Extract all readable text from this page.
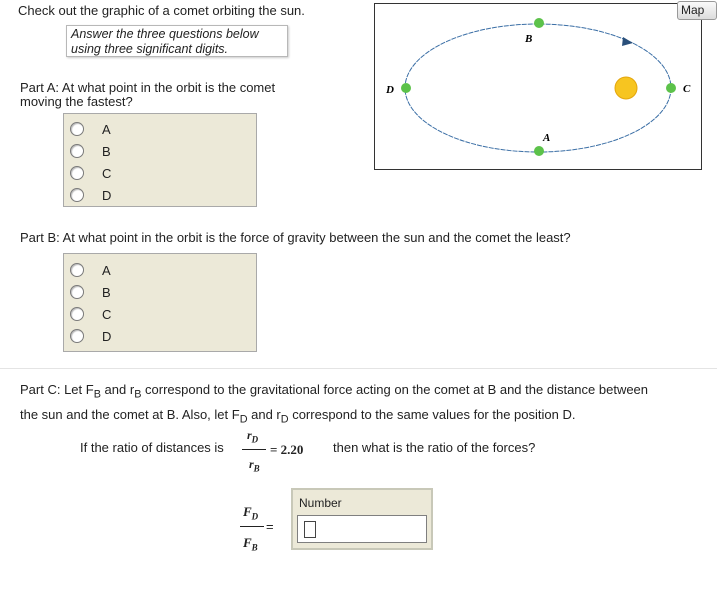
Check out the graphic of a comet orbiting the sun.
Answer the three questions below using three significant digits.
B
D
A
C
Map
Part A: At what point in the orbit is the comet moving the fastest?
A
B
C
D
Part B: At what point in the orbit is the force of gravity between the sun and the comet the least?
A
B
C
D
Part C: Let $F_B$ and $r_B$ correspond to the gravitational force acting on the comet at B and the distance between
the sun and the comet at B. Also, let $F_D$ and $r_D$ correspond to the same values for the position D.
If the ratio of distances is
$r_D$
$r_B$
= 2.20 then what is the ratio of the forces?
$F_D$
$F_B$
=
Number
